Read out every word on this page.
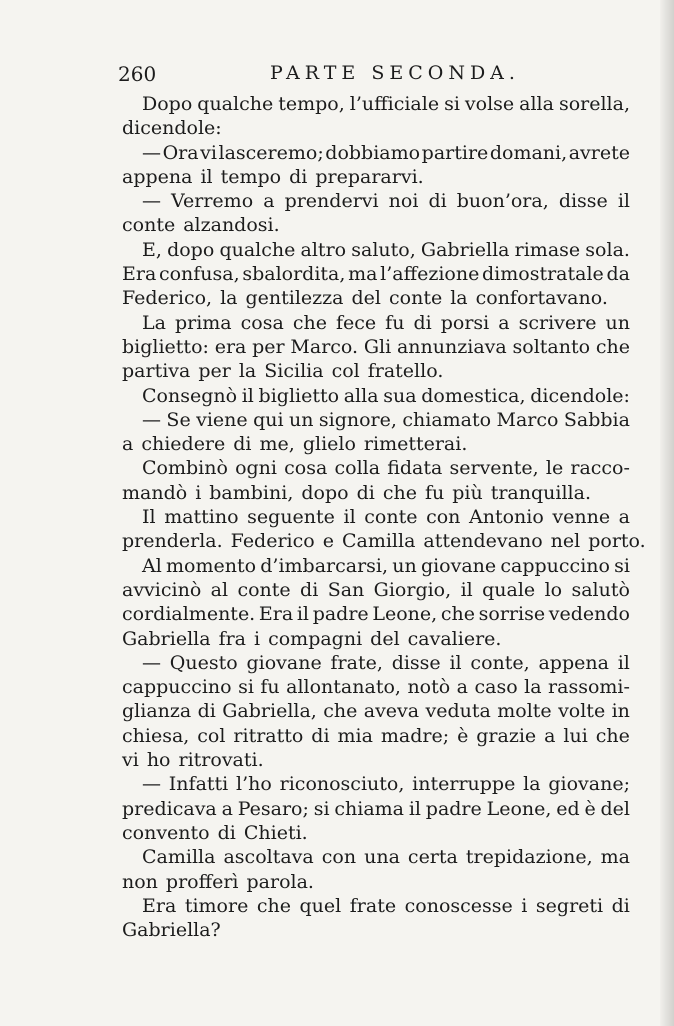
260	PARTE SECONDA.
Dopo qualche tempo, l’ufficiale si volse alla sorella,
dicendole:
— Ora vi lasceremo; dobbiamo partire domani, avrete
appena il tempo di prepararvi.
— Verremo a prendervi noi di buon’ora, disse il
conte alzandosi.
E, dopo qualche altro saluto, Gabriella rimase sola.
Era confusa, sbalordita, ma l’affezione dimostratale da
Federico, la gentilezza del conte la confortavano.
La prima cosa che fece fu di porsi a scrivere un
biglietto: era per Marco. Gli annunziava soltanto che
partiva per la Sicilia col fratello.
Consegnò il biglietto alla sua domestica, dicendole:
— Se viene qui un signore, chiamato Marco Sabbia
a chiedere di me, glielo rimetterai.
Combinò ogni cosa colla fidata servente, le racco-
mandò i bambini, dopo di che fu più tranquilla.
Il mattino seguente il conte con Antonio venne a
prenderla. Federico e Camilla attendevano nel porto.
Al momento d’imbarcarsi, un giovane cappuccino si
avvicinò al conte di San Giorgio, il quale lo salutò
cordialmente. Era il padre Leone, che sorrise vedendo
Gabriella fra i compagni del cavaliere.
— Questo giovane frate, disse il conte, appena il
cappuccino si fu allontanato, notò a caso la rassomi-
glianza di Gabriella, che aveva veduta molte volte in
chiesa, col ritratto di mia madre; è grazie a lui che
vi ho ritrovati.
— Infatti l’ho riconosciuto, interruppe la giovane;
predicava a Pesaro; si chiama il padre Leone, ed è del
convento di Chieti.
Camilla ascoltava con una certa trepidazione, ma
non profferì parola.
Era timore che quel frate conoscesse i segreti di
Gabriella?
